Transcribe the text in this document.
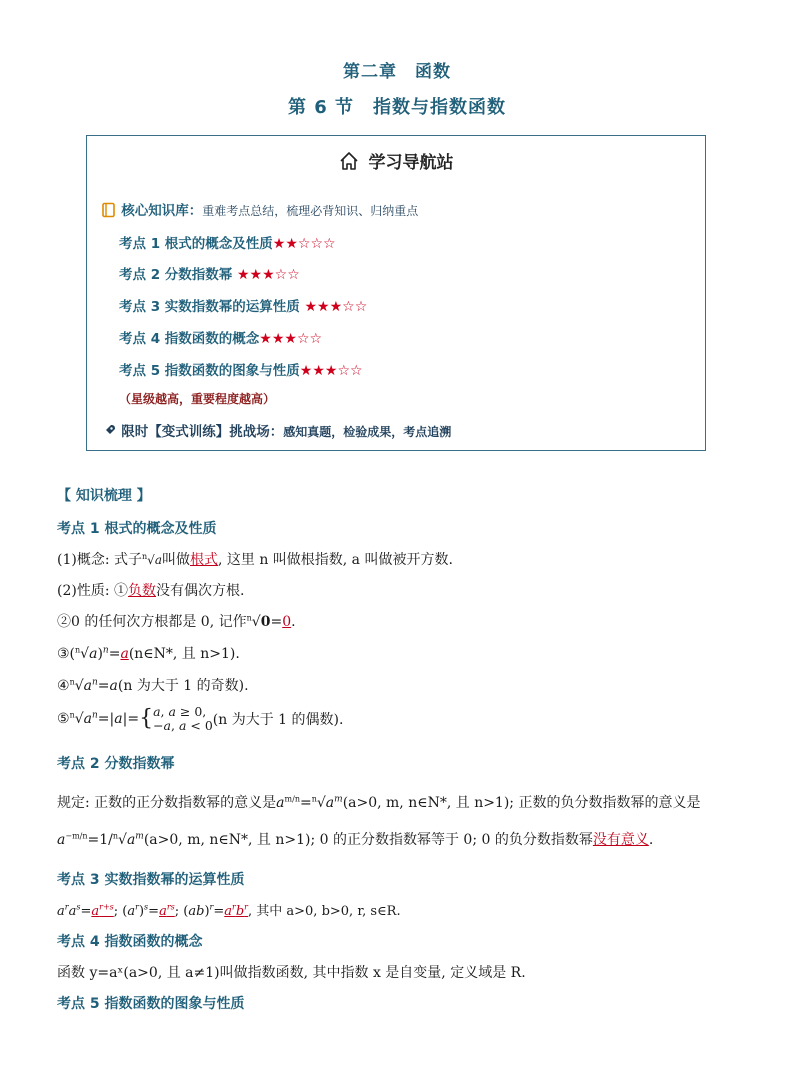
第二章　函数
第 6 节　指数与指数函数
学习导航站
核心知识库：重难考点总结，梳理必背知识、归纳重点
考点 1 根式的概念及性质★★☆☆☆
考点 2 分数指数幂 ★★★☆☆
考点 3 实数指数幂的运算性质 ★★★☆☆
考点 4 指数函数的概念★★★☆☆
考点 5 指数函数的图象与性质★★★☆☆
（星级越高，重要程度越高）
限时【变式训练】挑战场：感知真题，检验成果，考点追溯
【 知识梳理 】
考点 1 根式的概念及性质
(1)概念: 式子$^n$√a叫做根式, 这里 n 叫做根指数, a 叫做被开方数.
(2)性质: ①负数没有偶次方根.
②0 的任何次方根都是 0, 记作$^n$√0=0.
$③(^n√a)^n=a(n\in N*$, 且 n>1).
$④^n√a^n=a(n$ 为大于 1 的奇数).
$⑤^n√a^n=|a|=\{a$, a ≥ 0,
−a, a < 0(n 为大于 1 的偶数).
考点 2 分数指数幂
规定: 正数的正分数指数幂的意义是$a^{m/n}=^n√a^m(a>0$, m, n∈N*, 且 n>1); 正数的负分数指数幂的意义是
$a^{-m/n}=1/^n√a^m(a>0$, m, n∈N*, 且 n>1); 0 的正分数指数幂等于 0; 0 的负分数指数幂没有意义.
考点 3 实数指数幂的运算性质
$a^ra^s=a^{r+s}$; $(a^r)^s=a^{rs}$; $(ab)^r=a^rb^r$, 其中 a>0, b>0, r, s∈R.
考点 4 指数函数的概念
函数 y=aˣ(a>0, 且 a≠1)叫做指数函数, 其中指数 x 是自变量, 定义域是 R.
考点 5 指数函数的图象与性质
